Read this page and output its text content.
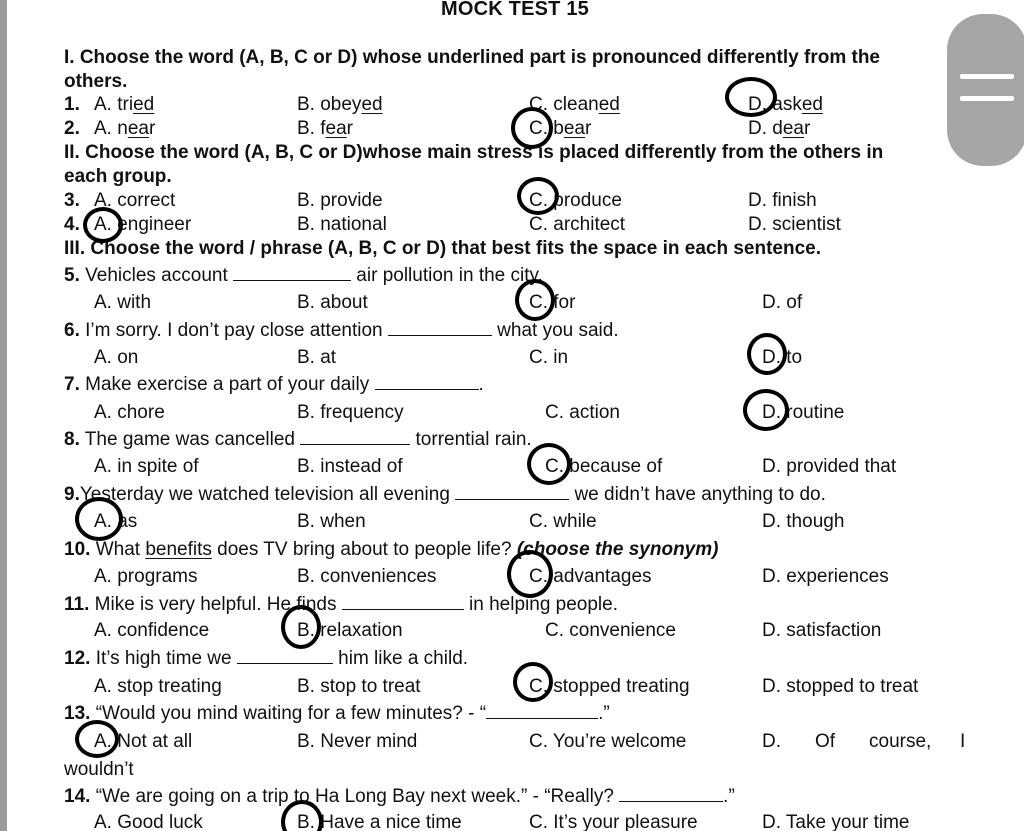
MOCK TEST 15
I. Choose the word (A, B, C or D) whose underlined part is pronounced differently from the
others.
1. A. tried	B. obeyed	C. cleaned	D. asked
2. A. near	B. fear	C. bear	D. dear
II. Choose the word (A, B, C or D)whose main stress is placed differently from the others in
each group.
3. A. correct	B. provide	C. produce	D. finish
4. A. engineer	B. national	C. architect	D. scientist
III. Choose the word / phrase (A, B, C or D) that best fits the space in each sentence.
5. Vehicles account	air pollution in the city.
A. with	B. about	C. for	D. of
6. I’m sorry. I don’t pay close attention	what you said.
A. on	B. at	C. in	D. to
7. Make exercise a part of your daily	.
A. chore	B. frequency	C. action	D. routine
8. The game was cancelled	torrential rain.
A. in spite of	B. instead of	C. because of	D. provided that
9.Yesterday we watched television all evening	we didn’t have anything to do.
A. as	B. when	C. while	D. though
10. What benefits does TV bring about to people life? (choose the synonym)
A. programs	B. conveniences	C. advantages	D. experiences
11. Mike is very helpful. He finds	in helping people.
A. confidence	B. relaxation	C. convenience	D. satisfaction
12. It’s high time we	him like a child.
A. stop treating	B. stop to treat	C. stopped treating	D. stopped to treat
13. “Would you mind waiting for a few minutes? - “	.”
A. Not at all	B. Never mind	C. You’re welcome	D. Of course, I
wouldn’t
14. “We are going on a trip to Ha Long Bay next week.” - “Really?	.”
A. Good luck	B. Have a nice time	C. It’s your pleasure	D. Take your time
